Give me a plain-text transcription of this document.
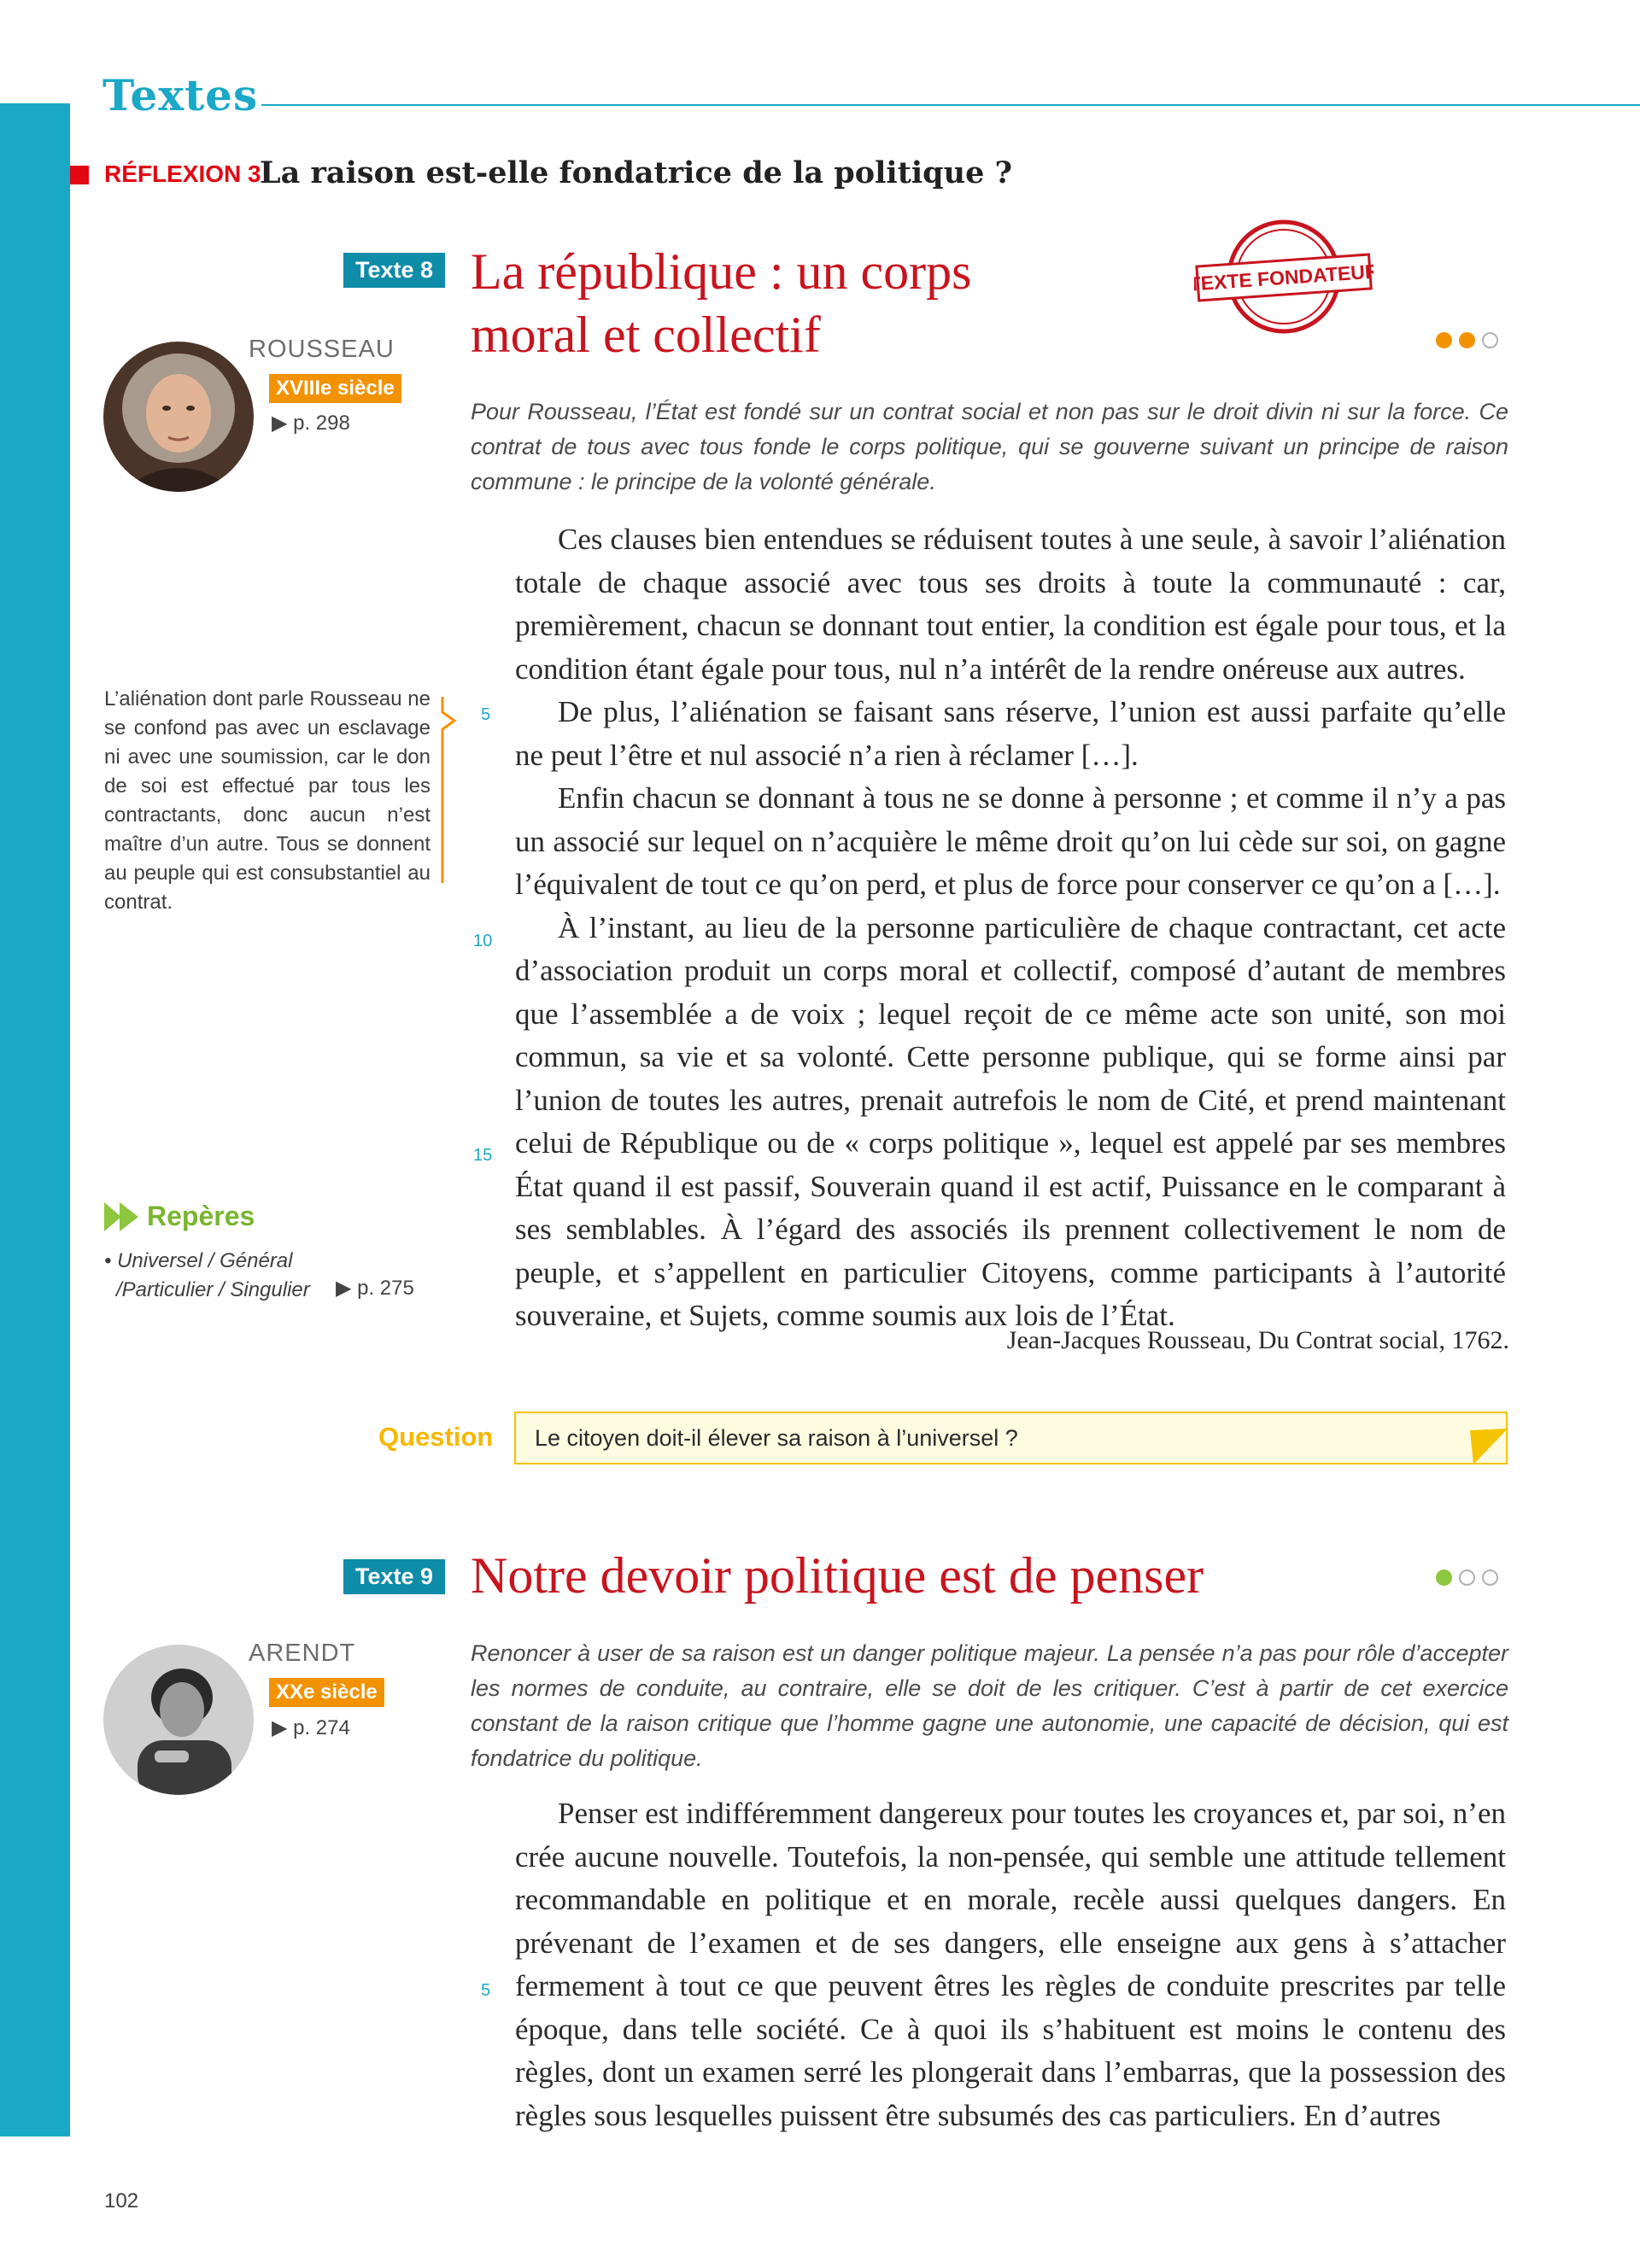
Textes
RÉFLEXION 3
La raison est-elle fondatrice de la politique ?
Texte 8 La république : un corps
moral et collectif
TEXTE FONDATEUR
ROUSSEAU
XVIIIe siècle
▶ p. 298	Pour Rousseau, l’État est fondé sur un contrat social et non pas sur le droit divin ni sur la force. Ce contrat de tous avec tous fonde le corps politique, qui se gouverne suivant un principe de raison commune : le principe de la volonté générale.
L’aliénation dont parle Rousseau ne se confond pas avec un esclavage ni avec une soumission, car le don de soi est effectué par tous les contractants, donc aucun n’est maître d’un autre. Tous se donnent au peuple qui est consubstantiel au contrat.

Ces clauses bien entendues se réduisent toutes à une seule, à savoir l’aliénation totale de chaque associé avec tous ses droits à toute la communauté : car, premièrement, chacun se donnant tout entier, la condition est égale pour tous, et la condition étant égale pour tous, nul n’a intérêt de la rendre onéreuse aux autres.

De plus, l’aliénation se faisant sans réserve, l’union est aussi parfaite qu’elle ne peut l’être et nul associé n’a rien à réclamer […].

Enfin chacun se donnant à tous ne se donne à personne ; et comme il n’y a pas un associé sur lequel on n’acquière le même droit qu’on lui cède sur soi, on gagne l’équivalent de tout ce qu’on perd, et plus de force pour conserver ce qu’on a […].

À l’instant, au lieu de la personne particulière de chaque contractant, cet acte d’association produit un corps moral et collectif, composé d’autant de membres que l’assemblée a de voix ; lequel reçoit de ce même acte son unité, son moi commun, sa vie et sa volonté. Cette personne publique, qui se forme ainsi par l’union de toutes les autres, prenait autrefois le nom de Cité, et prend maintenant celui de République ou de « corps politique », lequel est appelé par ses membres État quand il est passif, Souverain quand il est actif, Puissance en le comparant à ses semblables. À l’égard des associés ils prennent collectivement le nom de peuple, et s’appellent en particulier Citoyens, comme participants à l’autorité souveraine, et Sujets, comme soumis aux lois de l’État.

5
10
15
Jean-Jacques Rousseau, Du Contrat social, 1762.
Repères
• Universel / Général
/Particulier / Singulier ▶ p. 275
Question Le citoyen doit-il élever sa raison à l’universel ?
Texte 9 Notre devoir politique est de penser
ARENDT
XXe siècle
▶ p. 274
Renoncer à user de sa raison est un danger politique majeur. La pensée n’a pas pour rôle d’accepter les normes de conduite, au contraire, elle se doit de les critiquer. C’est à partir de cet exercice constant de la raison critique que l’homme gagne une autonomie, une capacité de décision, qui est fondatrice du politique.

Penser est indifféremment dangereux pour toutes les croyances et, par soi, n’en crée aucune nouvelle. Toutefois, la non-pensée, qui semble une attitude tellement recommandable en politique et en morale, recèle aussi quelques dangers. En prévenant de l’examen et de ses dangers, elle enseigne aux gens à s’attacher fermement à tout ce que peuvent êtres les règles de conduite prescrites par telle époque, dans telle société. Ce à quoi ils s’habituent est moins le contenu des règles, dont un examen serré les plongerait dans l’embarras, que la possession des règles sous lesquelles puissent être subsumés des cas particuliers. En d’autres

5
102
